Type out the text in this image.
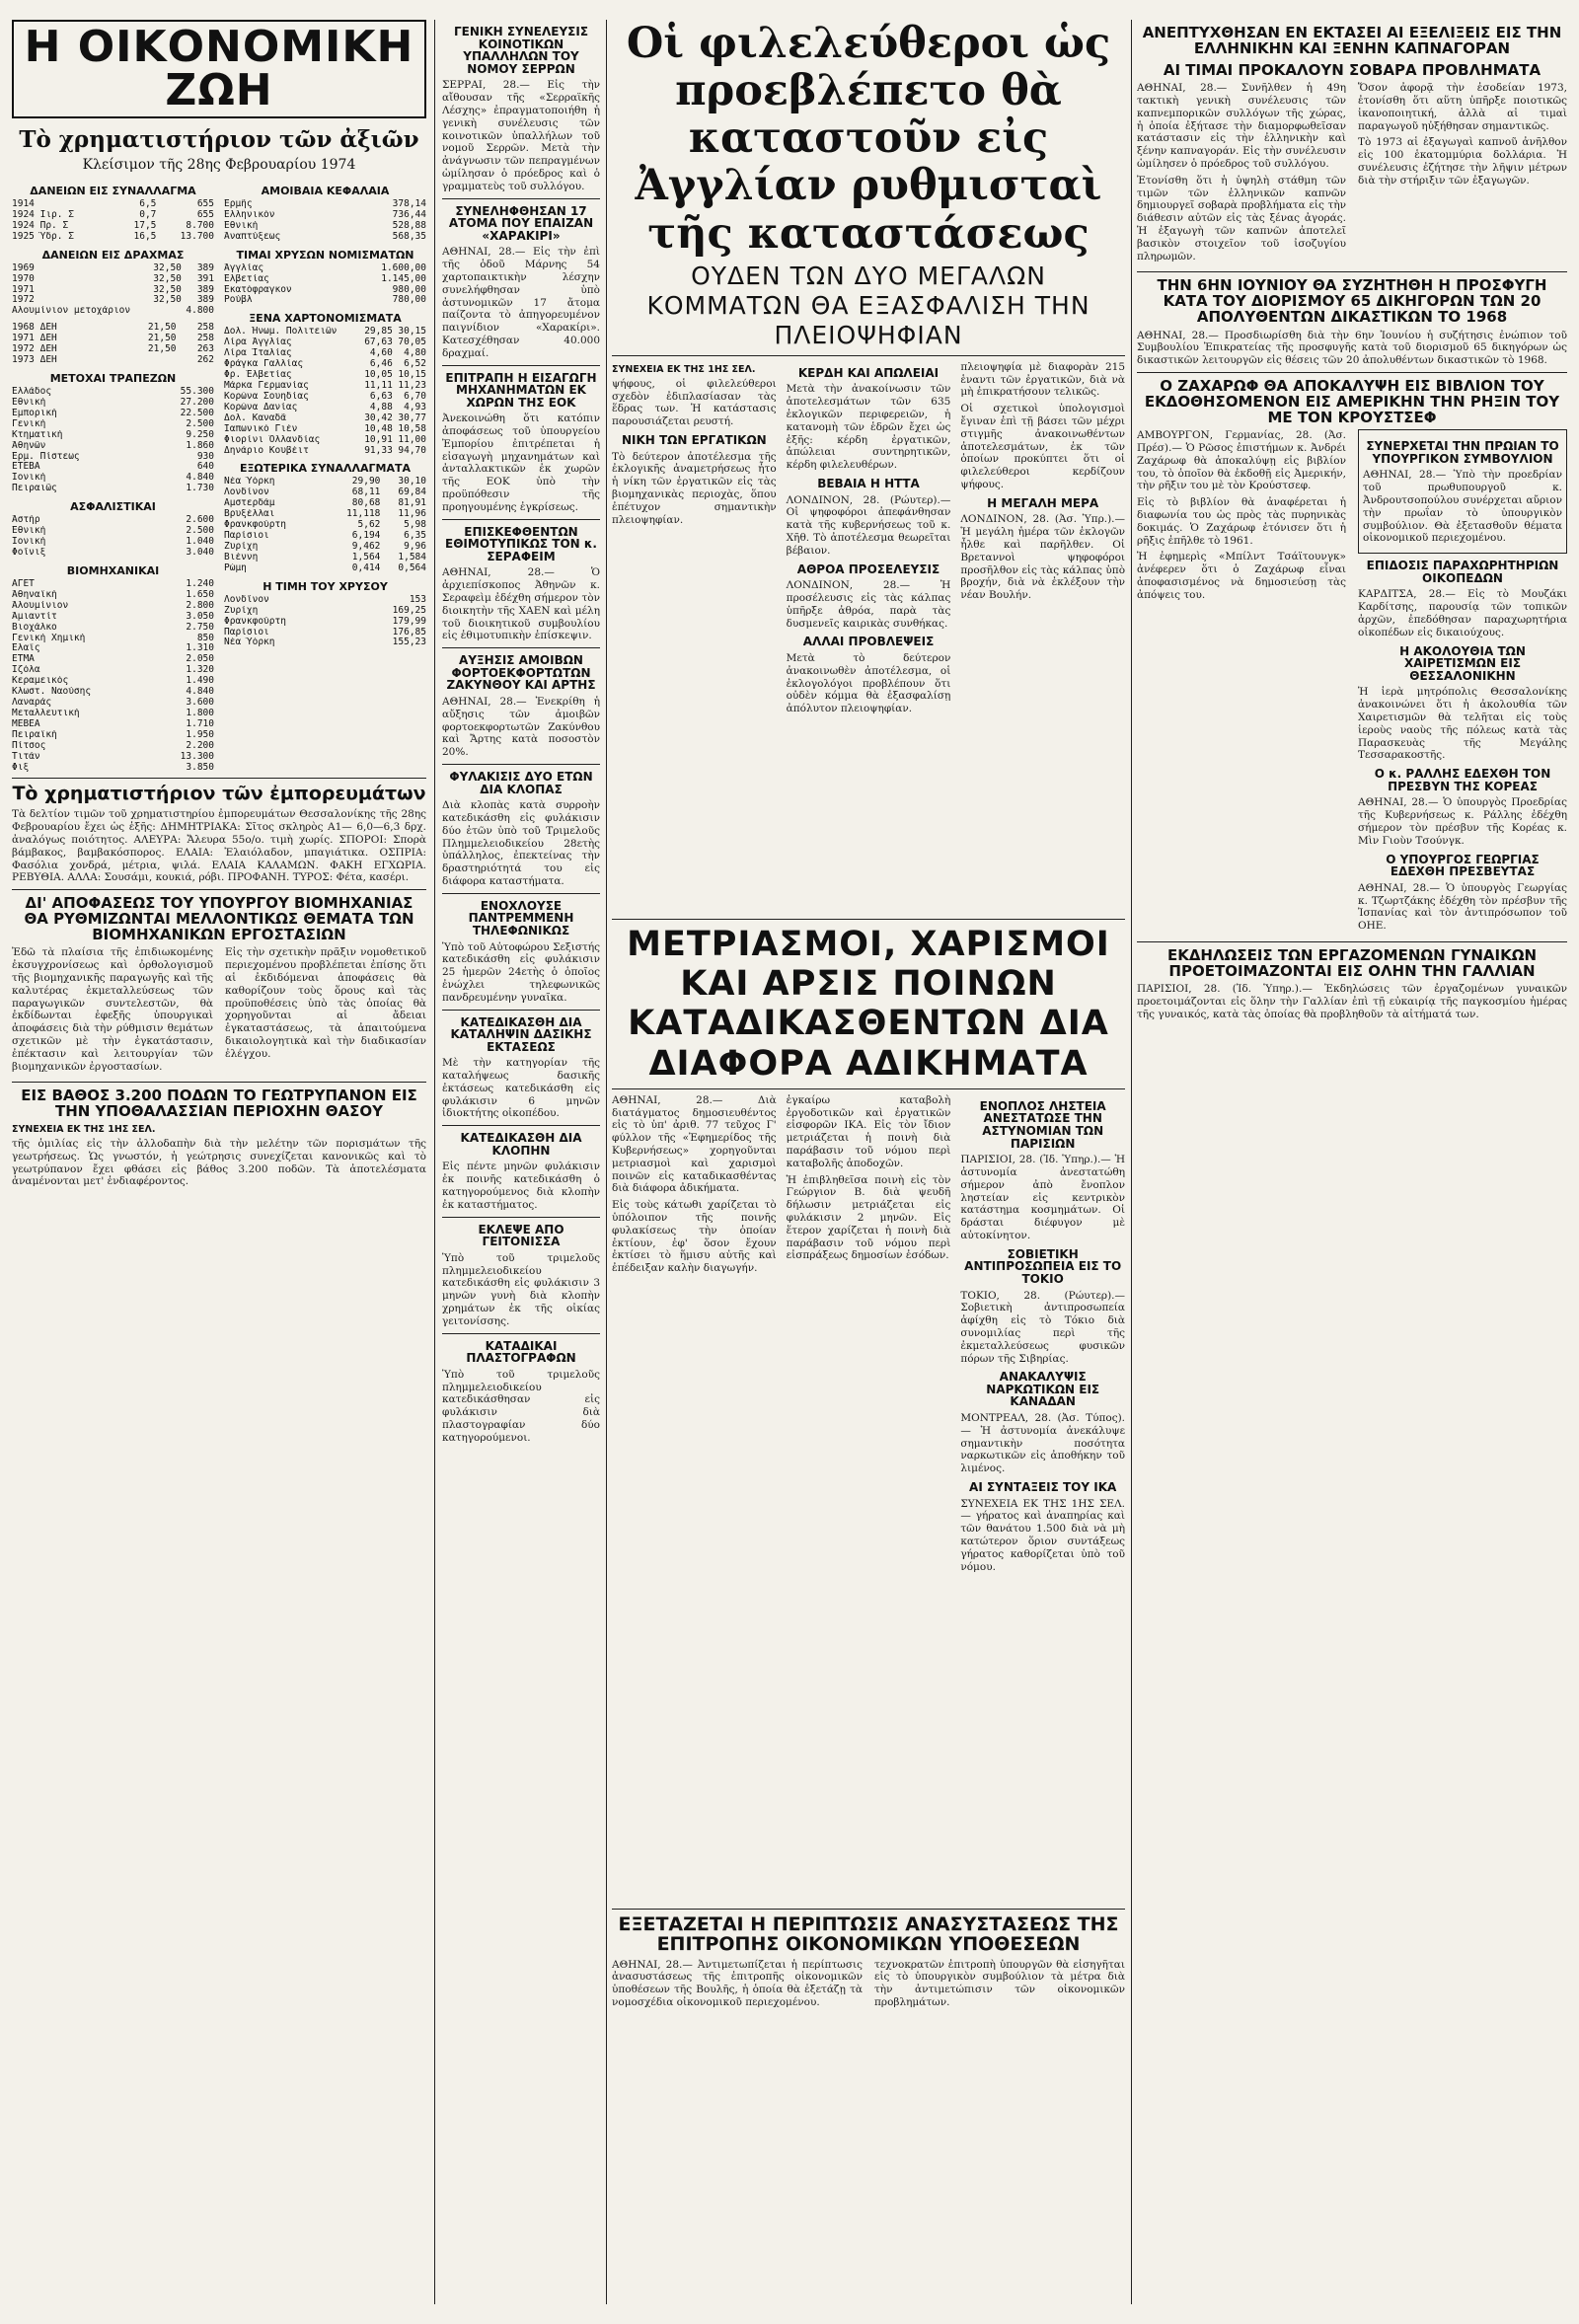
Η ΟΙΚΟΝΟΜΙΚΗ ΖΩΗ
Τὸ χρηματιστήριον τῶν ἀξιῶν
Κλείσιμον τῆς 28ης Φεβρουαρίου 1974
ΔΑΝΕΙΩΝ ΕΙΣ ΣΥΝΑΛΛΑΓΜΑ
1914	6,5	655
1924 Ιιρ. Σ	0,7	655
1924 Πρ. Σ	17,5	8.700
1925 Ύδρ. Σ	16,5	13.700
ΔΑΝΕΙΩΝ ΕΙΣ ΔΡΑΧΜΑΣ
1969	32,50	389
1970	32,50	391
1971	32,50	389
1972	32,50	389
Αλουμίνιον μετοχάριον		4.800
1968 ΔΕΗ	21,50	258
1971 ΔΕΗ	21,50	258
1972 ΔΕΗ	21,50	263
1973 ΔΕΗ		262
ΜΕΤΟΧΑΙ ΤΡΑΠΕΖΩΝ
Ἑλλάδος	55.300
Ἐθνική	27.200
Ἐμπορική	22.500
Γενική	2.500
Κτηματική	9.250
Ἀθηνῶν	1.860
Ἑρμ. Πίστεως	930
ΕΤΕΒΑ	640
Ἰονική	4.840
Πειραιῶς	1.730
ΑΣΦΑΛΙΣΤΙΚΑΙ
Ἀστήρ	2.600
Ἐθνική	2.500
Ἰονική	1.040
Φοῖνιξ	3.040
ΒΙΟΜΗΧΑΝΙΚΑΙ
ΑΓΕΤ	1.240
Ἀθηναϊκή	1.650
Ἀλουμίνιον	2.800
Ἀμιαντίτ	3.050
Βιοχάλκο	2.750
Γενική Χημική	850
Ἐλαΐς	1.310
ΕΤΜΑ	2.050
Ἰζόλα	1.320
Κεραμεικός	1.490
Κλωστ. Ναούσης	4.840
Λαναράς	3.600
Μεταλλευτική	1.800
ΜΕΒΕΑ	1.710
Πειραϊκή	1.950
Πίτσος	2.200
Τιτάν	13.300
Φιξ	3.850
ΑΜΟΙΒΑΙΑ ΚΕΦΑΛΑΙΑ
Ἑρμῆς	378,14
Ἑλληνικόν	736,44
Ἐθνική	528,88
Ἀναπτύξεως	568,35
ΤΙΜΑΙ ΧΡΥΣΩΝ ΝΟΜΙΣΜΑΤΩΝ
Ἀγγλίας	1.600,00
Ἐλβετίας	1.145,00
Ἐκατόφραγκον	980,00
Ρούβλ	780,00
ΞΕΝΑ ΧΑΡΤΟΝΟΜΙΣΜΑΤΑ
Δολ. Ἡνωμ. Πολιτειῶν	29,85	30,15
Λίρα Ἀγγλίας	67,63	70,05
Λίρα Ἰταλίας	4,60	4,80
Φράγκα Γαλλίας	6,46	6,52
Φρ. Ἐλβετίας	10,05	10,15
Μάρκα Γερμανίας	11,11	11,23
Κορώνα Σουηδίας	6,63	6,70
Κορώνα Δανίας	4,88	4,93
Δολ. Καναδᾶ	30,42	30,77
Ἰαπωνικό Γιέν	10,48	10,58
Φιορίνι Ὁλλανδίας	10,91	11,00
Δηνάριο Κουβέιτ	91,33	94,70
ΕΞΩΤΕΡΙΚΑ ΣΥΝΑΛΛΑΓΜΑΤΑ
Νέα Ὑόρκη	29,90	30,10
Λονδίνον	68,11	69,84
Αμστερδάμ	80,68	81,91
Βρυξέλλαι	11,118	11,96
Φρανκφούρτη	5,62	5,98
Παρίσιοι	6,194	6,35
Ζυρίχη	9,462	9,96
Βιέννη	1,564	1,584
Ρώμη	0,414	0,564
Η ΤΙΜΗ ΤΟΥ ΧΡΥΣΟΥ
Λονδῖνον	153
Ζυρίχη	169,25
Φρανκφούρτη	179,99
Παρίσιοι	176,85
Νέα Ὑόρκη	155,23
Τὸ χρηματιστήριον τῶν ἐμπορευμάτων

Τὰ δελτίον τιμῶν τοῦ χρηματιστηρίου ἐμπορευμάτων Θεσσαλονίκης τῆς 28ης Φεβρουαρίου ἔχει ὡς ἑξῆς: ΔΗΜΗΤΡΙΑΚΑ: Σῖτος σκληρὸς Α1— 6,0—6,3 δρχ. ἀναλόγως ποιότητος. ΑΛΕΥΡΑ: Ἄλευρα 55ο/ο. τιμὴ χωρίς. ΣΠΟΡΟΙ: Σπορὰ βάμβακος, βαμβακόσπορος. ΕΛΑΙΑ: Ἐλαιόλαδον, μπαγιάτικα. ΟΣΠΡΙΑ: Φασόλια χονδρά, μέτρια, ψιλά. ΕΛΑΙΑ ΚΑΛΑΜΩΝ. ΦΑΚΗ ΕΓΧΩΡΙΑ. ΡΕΒΥΘΙΑ. ΑΛΛΑ: Σουσάμι, κουκιά, ρόβι. ΠΡΟΦΑΝΗ. ΤΥΡΟΣ: Φέτα, κασέρι.

ΔΙ' ΑΠΟΦΑΣΕΩΣ ΤΟΥ ΥΠΟΥΡΓΟΥ ΒΙΟΜΗΧΑΝΙΑΣ ΘΑ ΡΥΘΜΙΖΩΝΤΑΙ ΜΕΛΛΟΝΤΙΚΩΣ ΘΕΜΑΤΑ ΤΩΝ ΒΙΟΜΗΧΑΝΙΚΩΝ ΕΡΓΟΣΤΑΣΙΩΝ

Ἐδῶ τὰ πλαίσια τῆς ἐπιδιωκομένης ἐκσυγχρονίσεως καὶ ὀρθολογισμοῦ τῆς βιομηχανικῆς παραγωγῆς καὶ τῆς καλυτέρας ἐκμεταλλεύσεως τῶν παραγωγικῶν συντελεστῶν, θὰ ἐκδίδωνται ἐφεξῆς ὑπουργικαὶ ἀποφάσεις διὰ τὴν ρύθμισιν θεμάτων σχετικῶν μὲ τὴν ἐγκατάστασιν, ἐπέκτασιν καὶ λειτουργίαν τῶν βιομηχανικῶν ἐργοστασίων.

Εἰς τὴν σχετικὴν πρᾶξιν νομοθετικοῦ περιεχομένου προβλέπεται ἐπίσης ὅτι αἱ ἐκδιδόμεναι ἀποφάσεις θὰ καθορίζουν τοὺς ὅρους καὶ τὰς προϋποθέσεις ὑπὸ τὰς ὁποίας θὰ χορηγοῦνται αἱ ἄδειαι ἐγκαταστάσεως, τὰ ἀπαιτούμενα δικαιολογητικὰ καὶ τὴν διαδικασίαν ἐλέγχου.

ΕΙΣ ΒΑΘΟΣ 3.200 ΠΟΔΩΝ ΤΟ ΓΕΩΤΡΥΠΑΝΟΝ ΕΙΣ ΤΗΝ ΥΠΟΘΑΛΑΣΣΙΑΝ ΠΕΡΙΟΧΗΝ ΘΑΣΟΥ
ΣΥΝΕΧΕΙΑ ΕΚ ΤΗΣ 1ΗΣ ΣΕΛ.

τῆς ὁμιλίας εἰς τὴν ἀλλοδαπὴν διὰ τὴν μελέτην τῶν πορισμάτων τῆς γεωτρήσεως. Ὡς γνωστόν, ἡ γεώτρησις συνεχίζεται κανονικῶς καὶ τὸ γεωτρύπανον ἔχει φθάσει εἰς βάθος 3.200 ποδῶν. Τὰ ἀποτελέσματα ἀναμένονται μετ' ἐνδιαφέροντος.

ΓΕΝΙΚΗ ΣΥΝΕΛΕΥΣΙΣ ΚΟΙΝΟΤΙΚΩΝ ΥΠΑΛΛΗΛΩΝ ΤΟΥ ΝΟΜΟΥ ΣΕΡΡΩΝ

ΣΕΡΡΑΙ, 28.— Εἰς τὴν αἴθουσαν τῆς «Σερραϊκῆς Λέσχης» ἐπραγματοποιήθη ἡ γενικὴ συνέλευσις τῶν κοινοτικῶν ὑπαλλήλων τοῦ νομοῦ Σερρῶν. Μετὰ τὴν ἀνάγνωσιν τῶν πεπραγμένων ὡμίλησαν ὁ πρόεδρος καὶ ὁ γραμματεὺς τοῦ συλλόγου.

ΣΥΝΕΛΗΦΘΗΣΑΝ 17 ΑΤΟΜΑ ΠΟΥ ΕΠΑΙΖΑΝ «ΧΑΡΑΚΙΡΙ»

ΑΘΗΝΑΙ, 28.— Εἰς τὴν ἐπὶ τῆς ὁδοῦ Μάρνης 54 χαρτοπαικτικὴν λέσχην συνελήφθησαν ὑπὸ ἀστυνομικῶν 17 ἄτομα παίζοντα τὸ ἀπηγορευμένον παιγνίδιον «Χαρακίρι». Κατεσχέθησαν 40.000 δραχμαί.

ΕΠΙΤΡΑΠΗ Η ΕΙΣΑΓΩΓΗ ΜΗΧΑΝΗΜΑΤΩΝ ΕΚ ΧΩΡΩΝ ΤΗΣ ΕΟΚ

Ἀνεκοινώθη ὅτι κατόπιν ἀποφάσεως τοῦ ὑπουργείου Ἐμπορίου ἐπιτρέπεται ἡ εἰσαγωγὴ μηχανημάτων καὶ ἀνταλλακτικῶν ἐκ χωρῶν τῆς ΕΟΚ ὑπὸ τὴν προϋπόθεσιν τῆς προηγουμένης ἐγκρίσεως.

ΕΠΙΣΚΕΦΘΕΝΤΩΝ ΕΘΙΜΟΤΥΠΙΚΩΣ ΤΟΝ κ. ΣΕΡΑΦΕΙΜ

ΑΘΗΝΑΙ, 28.— Ὁ ἀρχιεπίσκοπος Ἀθηνῶν κ. Σεραφεὶμ ἐδέχθη σήμερον τὸν διοικητὴν τῆς ΧΑΕΝ καὶ μέλη τοῦ διοικητικοῦ συμβουλίου εἰς ἐθιμοτυπικὴν ἐπίσκεψιν.

ΑΥΞΗΣΙΣ ΑΜΟΙΒΩΝ ΦΟΡΤΟΕΚΦΟΡΤΩΤΩΝ ΖΑΚΥΝΘΟΥ ΚΑΙ ΑΡΤΗΣ

ΑΘΗΝΑΙ, 28.— Ἐνεκρίθη ἡ αὔξησις τῶν ἀμοιβῶν φορτοεκφορτωτῶν Ζακύνθου καὶ Ἄρτης κατὰ ποσοστὸν 20%.

ΦΥΛΑΚΙΣΙΣ ΔΥΟ ΕΤΩΝ ΔΙΑ ΚΛΟΠΑΣ

Διὰ κλοπὰς κατὰ συρροὴν κατεδικάσθη εἰς φυλάκισιν δύο ἐτῶν ὑπὸ τοῦ Τριμελοῦς Πλημμελειοδικείου 28ετὴς ὑπάλληλος, ἐπεκτείνας τὴν δραστηριότητά του εἰς διάφορα καταστήματα.

ΕΝΟΧΛΟΥΣΕ ΠΑΝΤΡΕΜΜΕΝΗ ΤΗΛΕΦΩΝΙΚΩΣ

Ὑπὸ τοῦ Αὐτοφώρου Σεξιστής κατεδικάσθη εἰς φυλάκισιν 25 ἡμερῶν 24ετὴς ὁ ὁποῖος ἐνώχλει τηλεφωνικῶς πανδρευμένην γυναῖκα.

ΚΑΤΕΔΙΚΑΣΘΗ ΔΙΑ ΚΑΤΑΛΗΨΙΝ ΔΑΣΙΚΗΣ ΕΚΤΑΣΕΩΣ

Μὲ τὴν κατηγορίαν τῆς καταλήψεως δασικῆς ἐκτάσεως κατεδικάσθη εἰς φυλάκισιν 6 μηνῶν ἰδιοκτήτης οἰκοπέδου.

ΚΑΤΕΔΙΚΑΣΘΗ ΔΙΑ ΚΛΟΠΗΝ

Εἰς πέντε μηνῶν φυλάκισιν ἐκ ποινῆς κατεδικάσθη ὁ κατηγορούμενος διὰ κλοπὴν ἐκ καταστήματος.

ΕΚΛΕΨΕ ΑΠΟ ΓΕΙΤΟΝΙΣΣΑ

Ὑπὸ τοῦ τριμελοῦς πλημμελειοδικείου κατεδικάσθη εἰς φυλάκισιν 3 μηνῶν γυνὴ διὰ κλοπὴν χρημάτων ἐκ τῆς οἰκίας γειτονίσσης.

ΚΑΤΑΔΙΚΑΙ ΠΛΑΣΤΟΓΡΑΦΩΝ

Ὑπὸ τοῦ τριμελοῦς πλημμελειοδικείου κατεδικάσθησαν εἰς φυλάκισιν διὰ πλαστογραφίαν δύο κατηγορούμενοι.

Οἱ φιλελεύθεροι ὡς προεβλέπετο θὰ καταστοῦν εἰς Ἀγγλίαν ρυθμισταὶ τῆς καταστάσεως
ΟΥΔΕΝ ΤΩΝ ΔΥΟ ΜΕΓΑΛΩΝ ΚΟΜΜΑΤΩΝ ΘΑ ΕΞΑΣΦΑΛΙΣΗ ΤΗΝ ΠΛΕΙΟΨΗΦΙΑΝ
ΣΥΝΕΧΕΙΑ ΕΚ ΤΗΣ 1ΗΣ ΣΕΛ.

ψήφους, οἱ φιλελεύθεροι σχεδὸν ἐδιπλασίασαν τὰς ἕδρας των. Ἡ κατάστασις παρουσιάζεται ρευστή.

ΝΙΚΗ ΤΩΝ ΕΡΓΑΤΙΚΩΝ

Τὸ δεύτερον ἀποτέλεσμα τῆς ἐκλογικῆς ἀναμετρήσεως ἦτο ἡ νίκη τῶν ἐργατικῶν εἰς τὰς βιομηχανικὰς περιοχὰς, ὅπου ἐπέτυχον σημαντικὴν πλειοψηφίαν.

ΚΕΡΔΗ ΚΑΙ ΑΠΩΛΕΙΑΙ

Μετὰ τὴν ἀνακοίνωσιν τῶν ἀποτελεσμάτων τῶν 635 ἐκλογικῶν περιφερειῶν, ἡ κατανομὴ τῶν ἑδρῶν ἔχει ὡς ἑξῆς: κέρδη ἐργατικῶν, ἀπώλειαι συντηρητικῶν, κέρδη φιλελευθέρων.

ΒΕΒΑΙΑ Η ΗΤΤΑ

ΛΟΝΔΙΝΟΝ, 28. (Ρώυτερ).— Οἱ ψηφοφόροι ἀπεφάνθησαν κατὰ τῆς κυβερνήσεως τοῦ κ. Χῆθ. Τὸ ἀποτέλεσμα θεωρεῖται βέβαιον.

ΑΘΡΟΑ ΠΡΟΣΕΛΕΥΣΙΣ

ΛΟΝΔΙΝΟΝ, 28.— Ἡ προσέλευσις εἰς τὰς κάλπας ὑπῆρξε ἀθρόα, παρὰ τὰς δυσμενεῖς καιρικὰς συνθήκας.

ΑΛΛΑΙ ΠΡΟΒΛΕΨΕΙΣ

Μετὰ τὸ δεύτερον ἀνακοινωθὲν ἀποτέλεσμα, οἱ ἐκλογολόγοι προβλέπουν ὅτι οὐδὲν κόμμα θὰ ἐξασφαλίσῃ ἀπόλυτον πλειοψηφίαν.

πλειοψηφία μὲ διαφορὰν 215 ἑναντι τῶν ἐργατικῶν, διὰ νὰ μὴ ἐπικρατήσουν τελικῶς.

Οἱ σχετικοὶ ὑπολογισμοὶ ἔγιναν ἐπὶ τῇ βάσει τῶν μέχρι στιγμῆς ἀνακοινωθέντων ἀποτελεσμάτων, ἐκ τῶν ὁποίων προκύπτει ὅτι οἱ φιλελεύθεροι κερδίζουν ψήφους.

Η ΜΕΓΑΛΗ ΜΕΡΑ

ΛΟΝΔΙΝΟΝ, 28. (Ἀσ. Ὑπρ.).— Ἡ μεγάλη ἡμέρα τῶν ἐκλογῶν ἦλθε καὶ παρῆλθεν. Οἱ Βρεταννοὶ ψηφοφόροι προσῆλθον εἰς τὰς κάλπας ὑπὸ βροχήν, διὰ νὰ ἐκλέξουν τὴν νέαν Βουλήν.

ΜΕΤΡΙΑΣΜΟΙ, ΧΑΡΙΣΜΟΙ ΚΑΙ ΑΡΣΙΣ ΠΟΙΝΩΝ ΚΑΤΑΔΙΚΑΣΘΕΝΤΩΝ ΔΙΑ ΔΙΑΦΟΡΑ ΑΔΙΚΗΜΑΤΑ

ΑΘΗΝΑΙ, 28.— Διὰ διατάγματος δημοσιευθέντος εἰς τὸ ὑπ' ἀριθ. 77 τεῦχος Γ' φύλλον τῆς «Ἐφημερίδος τῆς Κυβερνήσεως» χορηγοῦνται μετριασμοὶ καὶ χαρισμοὶ ποινῶν εἰς καταδικασθέντας διὰ διάφορα ἀδικήματα.

Εἰς τοὺς κάτωθι χαρίζεται τὸ ὑπόλοιπον τῆς ποινῆς φυλακίσεως τὴν ὁποίαν ἐκτίουν, ἐφ' ὅσον ἔχουν ἐκτίσει τὸ ἥμισυ αὐτῆς καὶ ἐπέδειξαν καλὴν διαγωγήν.

ἐγκαίρω καταβολὴ ἐργοδοτικῶν καὶ ἐργατικῶν εἰσφορῶν ΙΚΑ. Εἰς τὸν ἴδιον μετριάζεται ἡ ποινὴ διὰ παράβασιν τοῦ νόμου περὶ καταβολῆς ἀποδοχῶν.

Ἡ ἐπιβληθεῖσα ποινὴ εἰς τὸν Γεώργιον Β. διὰ ψευδῆ δήλωσιν μετριάζεται εἰς φυλάκισιν 2 μηνῶν. Εἰς ἕτερον χαρίζεται ἡ ποινὴ διὰ παράβασιν τοῦ νόμου περὶ εἰσπράξεως δημοσίων ἐσόδων.

ΕΝΟΠΛΟΣ ΛΗΣΤΕΙΑ ΑΝΕΣΤΑΤΩΣΕ ΤΗΝ ΑΣΤΥΝΟΜΙΑΝ ΤΩΝ ΠΑΡΙΣΙΩΝ

ΠΑΡΙΣΙΟΙ, 28. (Ἰδ. Ὑπηρ.).— Ἡ ἀστυνομία ἀνεστατώθη σήμερον ἀπὸ ἔνοπλον ληστείαν εἰς κεντρικὸν κατάστημα κοσμημάτων. Οἱ δράσται διέφυγον μὲ αὐτοκίνητον.

ΣΟΒΙΕΤΙΚΗ ΑΝΤΙΠΡΟΣΩΠΕΙΑ ΕΙΣ ΤΟ ΤΟΚΙΟ

ΤΟΚΙΟ, 28. (Ρώυτερ).— Σοβιετικὴ ἀντιπροσωπεία ἀφίχθη εἰς τὸ Τόκιο διὰ συνομιλίας περὶ τῆς ἐκμεταλλεύσεως φυσικῶν πόρων τῆς Σιβηρίας.

ΑΝΑΚΑΛΥΨΙΣ ΝΑΡΚΩΤΙΚΩΝ ΕΙΣ ΚΑΝΑΔΑΝ

ΜΟΝΤΡΕΑΛ, 28. (Ἀσ. Τύπος).— Ἡ ἀστυνομία ἀνεκάλυψε σημαντικὴν ποσότητα ναρκωτικῶν εἰς ἀποθήκην τοῦ λιμένος.

ΑΙ ΣΥΝΤΑΞΕΙΣ ΤΟΥ ΙΚΑ

ΣΥΝΕΧΕΙΑ ΕΚ ΤΗΣ 1ΗΣ ΣΕΛ. — γήρατος καὶ ἀναπηρίας καὶ τῶν θανάτου 1.500 διὰ νὰ μὴ κατώτερον ὅριον συντάξεως γήρατος καθορίζεται ὑπὸ τοῦ νόμου.

ΕΞΕΤΑΖΕΤΑΙ Η ΠΕΡΙΠΤΩΣΙΣ ΑΝΑΣΥΣΤΑΣΕΩΣ ΤΗΣ ΕΠΙΤΡΟΠΗΣ ΟΙΚΟΝΟΜΙΚΩΝ ΥΠΟΘΕΣΕΩΝ

ΑΘΗΝΑΙ, 28.— Ἀντιμετωπίζεται ἡ περίπτωσις ἀνασυστάσεως τῆς ἐπιτροπῆς οἰκονομικῶν ὑποθέσεων τῆς Βουλῆς, ἡ ὁποία θὰ ἐξετάζῃ τὰ νομοσχέδια οἰκονομικοῦ περιεχομένου.

τεχνοκρατῶν ἐπιτροπὴ ὑπουργῶν θὰ εἰσηγῆται εἰς τὸ ὑπουργικὸν συμβούλιον τὰ μέτρα διὰ τὴν ἀντιμετώπισιν τῶν οἰκονομικῶν προβλημάτων.

ΑΝΕΠΤΥΧΘΗΣΑΝ ΕΝ ΕΚΤΑΣΕΙ ΑΙ ΕΞΕΛΙΞΕΙΣ ΕΙΣ ΤΗΝ ΕΛΛΗΝΙΚΗΝ ΚΑΙ ΞΕΝΗΝ ΚΑΠΝΑΓΟΡΑΝ
ΑΙ ΤΙΜΑΙ ΠΡΟΚΑΛΟΥΝ ΣΟΒΑΡΑ ΠΡΟΒΛΗΜΑΤΑ

ΑΘΗΝΑΙ, 28.— Συνῆλθεν ἡ 49η τακτικὴ γενικὴ συνέλευσις τῶν καπνεμπορικῶν συλλόγων τῆς χώρας, ἡ ὁποία ἐξήτασε τὴν διαμορφωθεῖσαν κατάστασιν εἰς τὴν ἐλληνικὴν καὶ ξένην καπναγοράν. Εἰς τὴν συνέλευσιν ὡμίλησεν ὁ πρόεδρος τοῦ συλλόγου.

Ἐτονίσθη ὅτι ἡ ὑψηλὴ στάθμη τῶν τιμῶν τῶν ἑλληνικῶν καπνῶν δημιουργεῖ σοβαρὰ προβλήματα εἰς τὴν διάθεσιν αὐτῶν εἰς τὰς ξένας ἀγοράς. Ἡ ἐξαγωγὴ τῶν καπνῶν ἀποτελεῖ βασικὸν στοιχεῖον τοῦ ἰσοζυγίου πληρωμῶν.

Ὅσον ἀφορᾷ τὴν ἐσοδείαν 1973, ἐτονίσθη ὅτι αὕτη ὑπῆρξε ποιοτικῶς ἱκανοποιητική, ἀλλὰ αἱ τιμαὶ παραγωγοῦ ηὐξήθησαν σημαντικῶς.

Τὸ 1973 αἱ ἐξαγωγαὶ καπνοῦ ἀνῆλθον εἰς 100 ἑκατομμύρια δολλάρια. Ἡ συνέλευσις ἐζήτησε τὴν λῆψιν μέτρων διὰ τὴν στήριξιν τῶν ἐξαγωγῶν.

ΤΗΝ 6ΗΝ ΙΟΥΝΙΟΥ ΘΑ ΣΥΖΗΤΗΘΗ Η ΠΡΟΣΦΥΓΗ ΚΑΤΑ ΤΟΥ ΔΙΟΡΙΣΜΟΥ 65 ΔΙΚΗΓΟΡΩΝ ΤΩΝ 20 ΑΠΟΛΥΘΕΝΤΩΝ ΔΙΚΑΣΤΙΚΩΝ ΤΟ 1968

ΑΘΗΝΑΙ, 28.— Προσδιωρίσθη διὰ τὴν 6ην Ἰουνίου ἡ συζήτησις ἐνώπιον τοῦ Συμβουλίου Ἐπικρατείας τῆς προσφυγῆς κατὰ τοῦ διορισμοῦ 65 δικηγόρων ὡς δικαστικῶν λειτουργῶν εἰς θέσεις τῶν 20 ἀπολυθέντων δικαστικῶν τὸ 1968.

Ο ΖΑΧΑΡΩΦ ΘΑ ΑΠΟΚΑΛΥΨΗ ΕΙΣ ΒΙΒΛΙΟΝ ΤΟΥ ΕΚΔΟΘΗΣΟΜΕΝΟΝ ΕΙΣ ΑΜΕΡΙΚΗΝ ΤΗΝ ΡΗΞΙΝ ΤΟΥ ΜΕ ΤΟΝ ΚΡΟΥΣΤΣΕΦ

ΑΜΒΟΥΡΓΟΝ, Γερμανίας, 28. (Ἀσ. Πρέσ).— Ὁ Ρῶσος ἐπιστήμων κ. Ἀνδρέι Ζαχάρωφ θὰ ἀποκαλύψῃ εἰς βιβλίον του, τὸ ὁποῖον θὰ ἐκδοθῇ εἰς Ἀμερικήν, τὴν ρῆξιν του μὲ τὸν Κρούστσεφ.

Εἰς τὸ βιβλίον θὰ ἀναφέρεται ἡ διαφωνία του ὡς πρὸς τὰς πυρηνικὰς δοκιμάς. Ὁ Ζαχάρωφ ἐτόνισεν ὅτι ἡ ρῆξις ἐπῆλθε τὸ 1961.

Ἡ ἐφημερὶς «Μπίλντ Τσάϊτουνγκ» ἀνέφερεν ὅτι ὁ Ζαχάρωφ εἶναι ἀποφασισμένος νὰ δημοσιεύσῃ τὰς ἀπόψεις του.

ΣΥΝΕΡΧΕΤΑΙ ΤΗΝ ΠΡΩΙΑΝ ΤΟ ΥΠΟΥΡΓΙΚΟΝ ΣΥΜΒΟΥΛΙΟΝ

ΑΘΗΝΑΙ, 28.— Ὑπὸ τὴν προεδρίαν τοῦ πρωθυπουργοῦ κ. Ἀνδρουτσοπούλου συνέρχεται αὔριον τὴν πρωΐαν τὸ ὑπουργικὸν συμβούλιον. Θὰ ἐξετασθοῦν θέματα οἰκονομικοῦ περιεχομένου.

ΕΠΙΔΟΣΙΣ ΠΑΡΑΧΩΡΗΤΗΡΙΩΝ ΟΙΚΟΠΕΔΩΝ

ΚΑΡΔΙΤΣΑ, 28.— Εἰς τὸ Μουζάκι Καρδίτσης, παρουσίᾳ τῶν τοπικῶν ἀρχῶν, ἐπεδόθησαν παραχωρητήρια οἰκοπέδων εἰς δικαιούχους.

Η ΑΚΟΛΟΥΘΙΑ ΤΩΝ ΧΑΙΡΕΤΙΣΜΩΝ ΕΙΣ ΘΕΣΣΑΛΟΝΙΚΗΝ

Ἡ ἱερὰ μητρόπολις Θεσσαλονίκης ἀνακοινώνει ὅτι ἡ ἀκολουθία τῶν Χαιρετισμῶν θὰ τελῆται εἰς τοὺς ἱεροὺς ναοὺς τῆς πόλεως κατὰ τὰς Παρασκευὰς τῆς Μεγάλης Τεσσαρακοστῆς.

Ο κ. ΡΑΛΛΗΣ ΕΔΕΧΘΗ ΤΟΝ ΠΡΕΣΒΥΝ ΤΗΣ ΚΟΡΕΑΣ

ΑΘΗΝΑΙ, 28.— Ὁ ὑπουργὸς Προεδρίας τῆς Κυβερνήσεως κ. Ράλλης ἐδέχθη σήμερον τὸν πρέσβυν τῆς Κορέας κ. Μὶν Γιοὺν Τσούνγκ.

Ο ΥΠΟΥΡΓΟΣ ΓΕΩΡΓΙΑΣ ΕΔΕΧΘΗ ΠΡΕΣΒΕΥΤΑΣ

ΑΘΗΝΑΙ, 28.— Ὁ ὑπουργὸς Γεωργίας κ. Τζωρτζάκης ἐδέχθη τὸν πρέσβυν τῆς Ἰσπανίας καὶ τὸν ἀντιπρόσωπον τοῦ ΟΗΕ.

ΕΚΔΗΛΩΣΕΙΣ ΤΩΝ ΕΡΓΑΖΟΜΕΝΩΝ ΓΥΝΑΙΚΩΝ ΠΡΟΕΤΟΙΜΑΖΟΝΤΑΙ ΕΙΣ ΟΛΗΝ ΤΗΝ ΓΑΛΛΙΑΝ

ΠΑΡΙΣΙΟΙ, 28. (Ἰδ. Ὑπηρ.).— Ἐκδηλώσεις τῶν ἐργαζομένων γυναικῶν προετοιμάζονται εἰς ὅλην τὴν Γαλλίαν ἐπὶ τῇ εὐκαιρίᾳ τῆς παγκοσμίου ἡμέρας τῆς γυναικός, κατὰ τὰς ὁποίας θὰ προβληθοῦν τὰ αἰτήματά των.
